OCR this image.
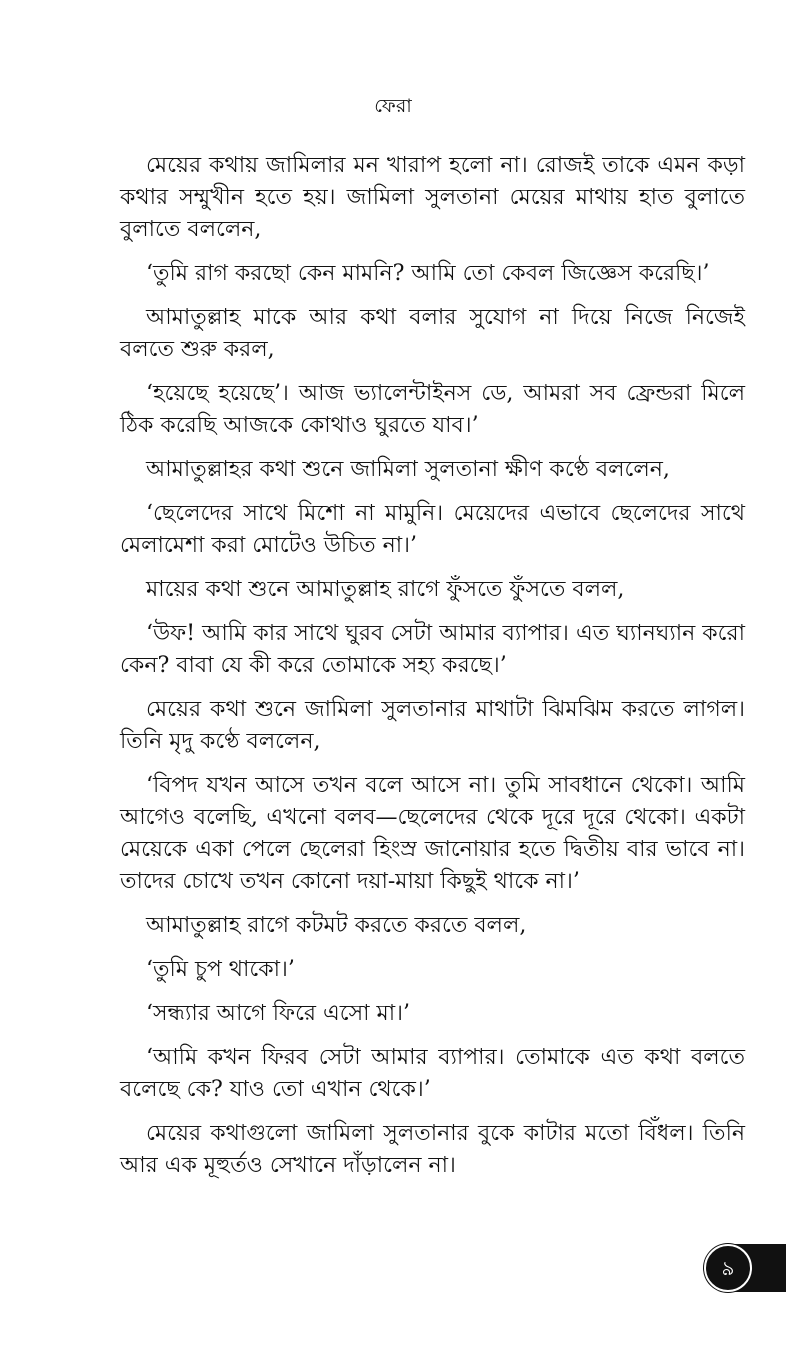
ফেরা

মেয়ের কথায় জামিলার মন খারাপ হলো না। রোজই তাকে এমন কড়া কথার সম্মুখীন হতে হয়। জামিলা সুলতানা মেয়ের মাথায় হাত বুলাতে বুলাতে বললেন,

‘তুমি রাগ করছো কেন মামনি? আমি তো কেবল জিজ্ঞেস করেছি।’

আমাতুল্লাহ মাকে আর কথা বলার সুযোগ না দিয়ে নিজে নিজেই বলতে শুরু করল,

‘হয়েছে হয়েছে’। আজ ভ্যালেন্টাইনস ডে, আমরা সব ফ্রেন্ডরা মিলে ঠিক করেছি আজকে কোথাও ঘুরতে যাব।’

আমাতুল্লাহর কথা শুনে জামিলা সুলতানা ক্ষীণ কণ্ঠে বললেন,

‘ছেলেদের সাথে মিশো না মামুনি। মেয়েদের এভাবে ছেলেদের সাথে মেলামেশা করা মোটেও উচিত না।’

মায়ের কথা শুনে আমাতুল্লাহ রাগে ফুঁসতে ফুঁসতে বলল,

‘উফ! আমি কার সাথে ঘুরব সেটা আমার ব্যাপার। এত ঘ্যানঘ্যান করো কেন? বাবা যে কী করে তোমাকে সহ্য করছে।’

মেয়ের কথা শুনে জামিলা সুলতানার মাথাটা ঝিমঝিম করতে লাগল। তিনি মৃদু কণ্ঠে বললেন,

‘বিপদ যখন আসে তখন বলে আসে না। তুমি সাবধানে থেকো। আমি আগেও বলেছি, এখনো বলব—ছেলেদের থেকে দূরে দূরে থেকো। একটা মেয়েকে একা পেলে ছেলেরা হিংস্র জানোয়ার হতে দ্বিতীয় বার ভাবে না। তাদের চোখে তখন কোনো দয়া-মায়া কিছুই থাকে না।’

আমাতুল্লাহ রাগে কটমট করতে করতে বলল,

‘তুমি চুপ থাকো।’

‘সন্ধ্যার আগে ফিরে এসো মা।’

‘আমি কখন ফিরব সেটা আমার ব্যাপার। তোমাকে এত কথা বলতে বলেছে কে? যাও তো এখান থেকে।’

মেয়ের কথাগুলো জামিলা সুলতানার বুকে কাটার মতো বিঁধল। তিনি আর এক মূহুর্তও সেখানে দাঁড়ালেন না।

৯
